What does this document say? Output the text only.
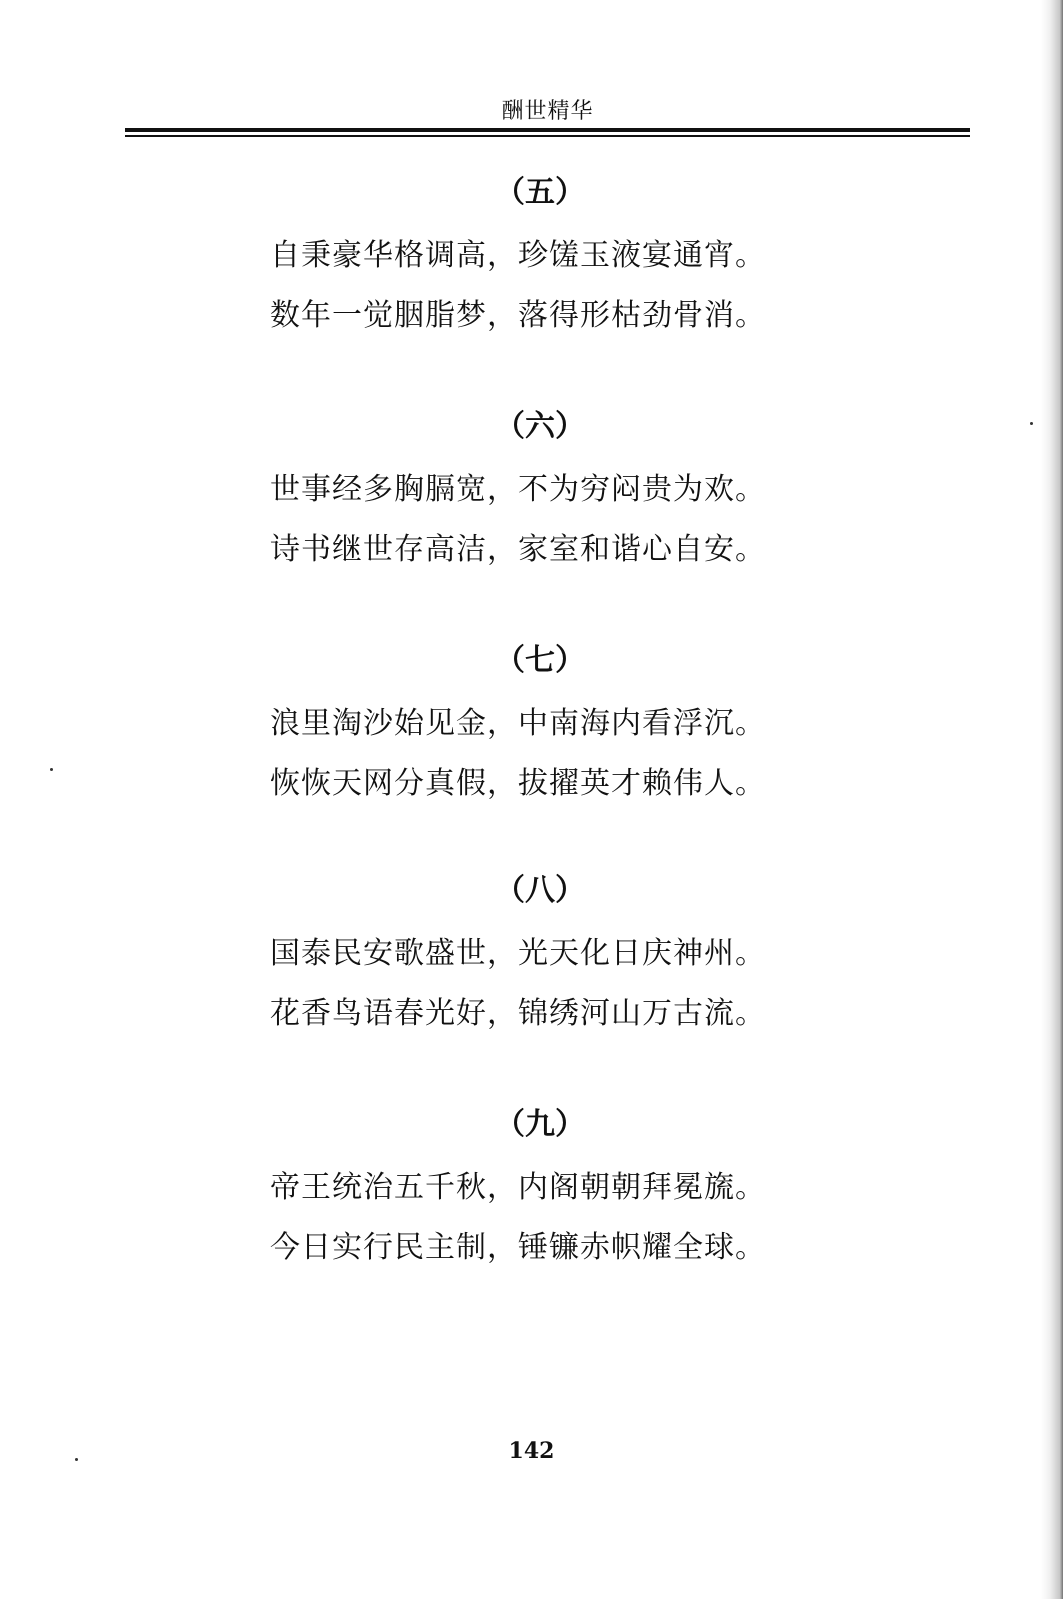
酬世精华
（五）
自秉豪华格调高，珍馐玉液宴通宵。
数年一觉胭脂梦，落得形枯劲骨消。
（六）
世事经多胸膈宽，不为穷闷贵为欢。
诗书继世存高洁，家室和谐心自安。
（七）
浪里淘沙始见金，中南海内看浮沉。
恢恢天网分真假，拔擢英才赖伟人。
（八）
国泰民安歌盛世，光天化日庆神州。
花香鸟语春光好，锦绣河山万古流。
（九）
帝王统治五千秋，内阁朝朝拜冕旒。
今日实行民主制，锤镰赤帜耀全球。
142
